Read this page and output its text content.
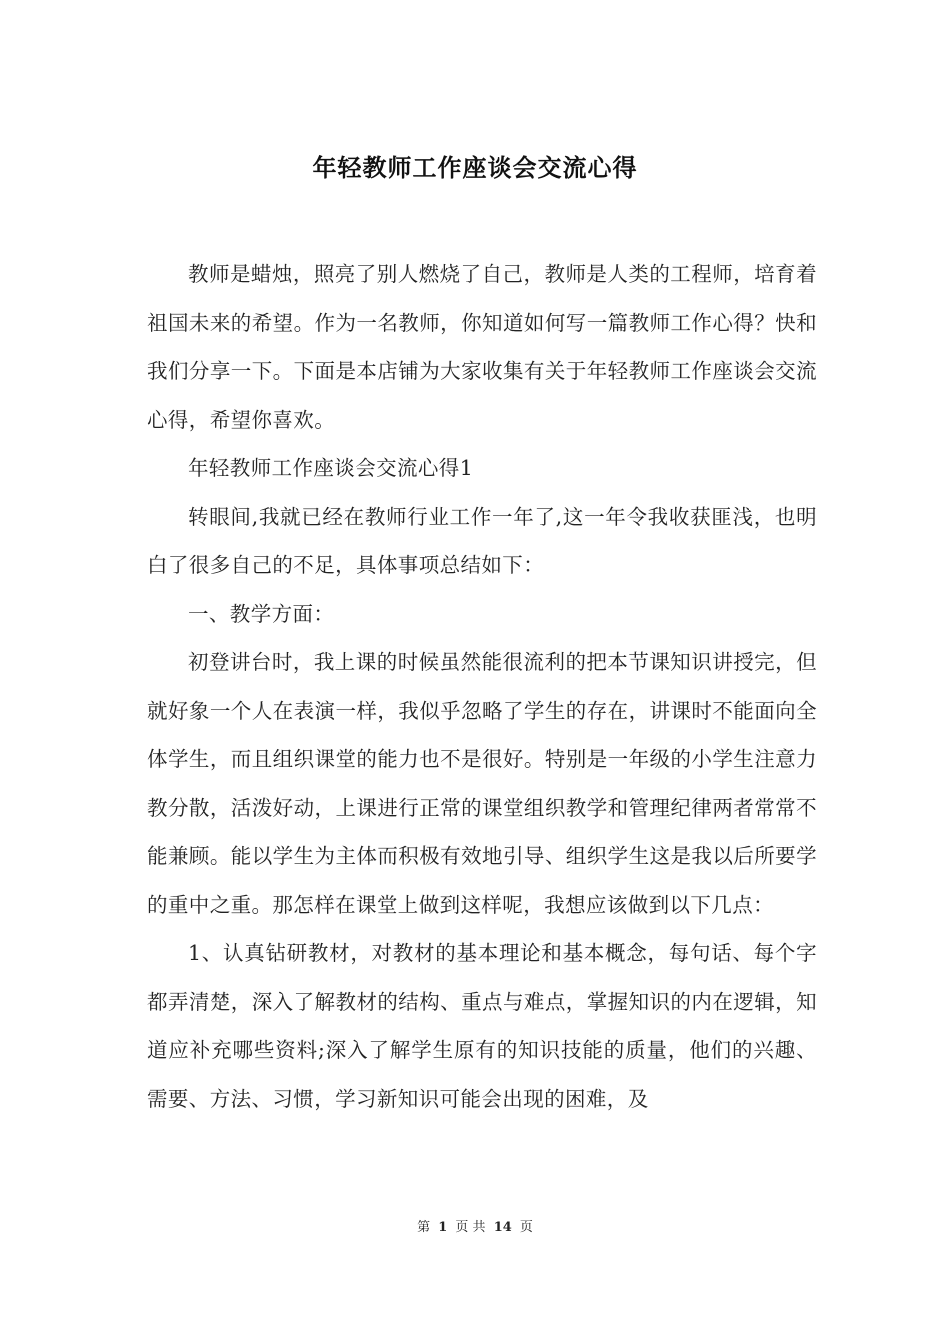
年轻教师工作座谈会交流心得

教师是蜡烛，照亮了别人燃烧了自己，教师是人类的工程师，培育着祖国未来的希望。作为一名教师，你知道如何写一篇教师工作心得？快和我们分享一下。下面是本店铺为大家收集有关于年轻教师工作座谈会交流心得，希望你喜欢。

年轻教师工作座谈会交流心得1

转眼间,我就已经在教师行业工作一年了,这一年令我收获匪浅，也明白了很多自己的不足，具体事项总结如下：

一、教学方面：

初登讲台时，我上课的时候虽然能很流利的把本节课知识讲授完，但就好象一个人在表演一样，我似乎忽略了学生的存在，讲课时不能面向全体学生，而且组织课堂的能力也不是很好。特别是一年级的小学生注意力教分散，活泼好动，上课进行正常的课堂组织教学和管理纪律两者常常不能兼顾。能以学生为主体而积极有效地引导、组织学生这是我以后所要学的重中之重。那怎样在课堂上做到这样呢，我想应该做到以下几点：

1、认真钻研教材，对教材的基本理论和基本概念，每句话、每个字都弄清楚，深入了解教材的结构、重点与难点，掌握知识的内在逻辑，知道应补充哪些资料;深入了解学生原有的知识技能的质量，他们的兴趣、需要、方法、习惯，学习新知识可能会出现的困难，及

第 1 页 共 14 页
